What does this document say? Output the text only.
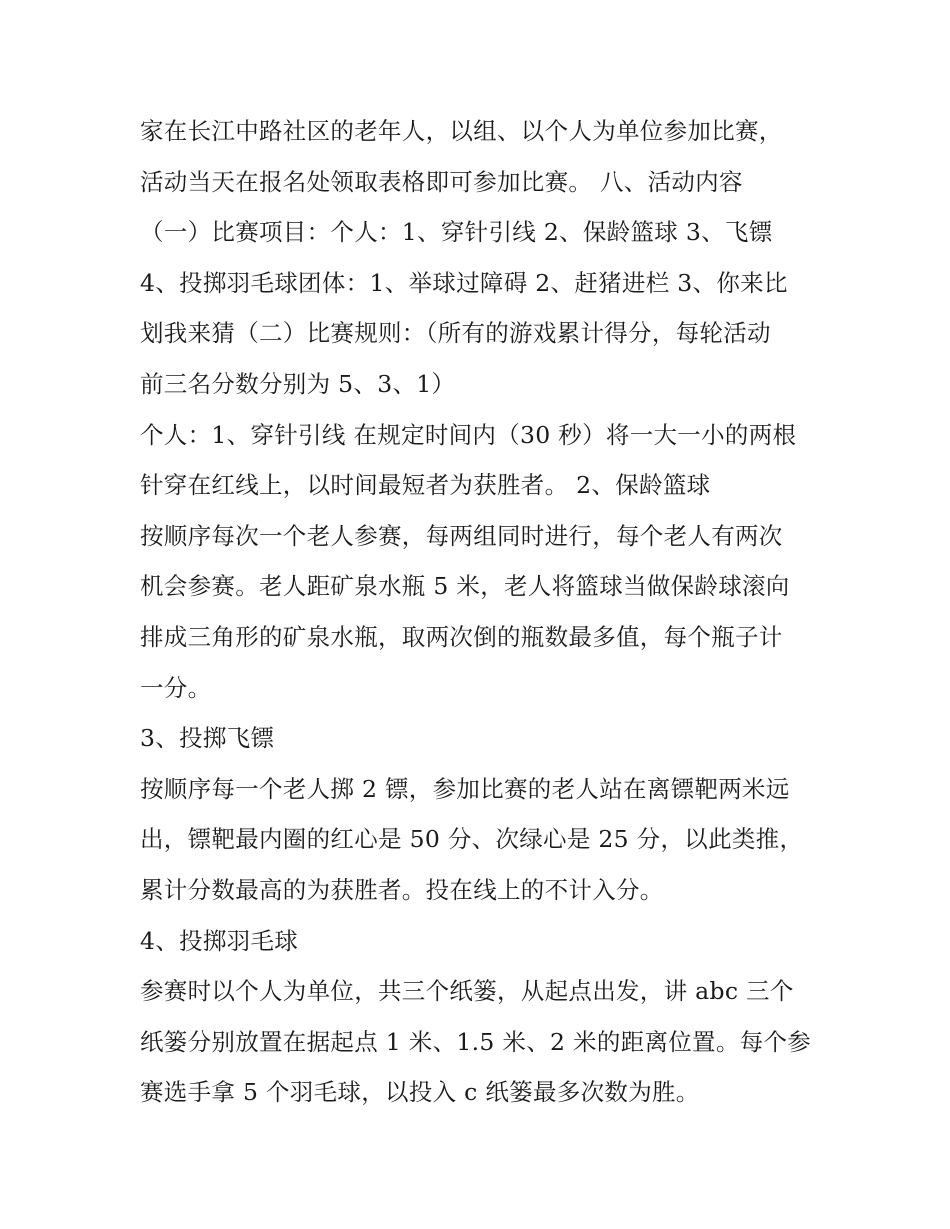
家在长江中路社区的老年人，以组、以个人为单位参加比赛，
活动当天在报名处领取表格即可参加比赛。 八、活动内容
（一）比赛项目：个人：1、穿针引线 2、保龄篮球 3、飞镖
4、投掷羽毛球团体：1、举球过障碍 2、赶猪进栏 3、你来比
划我来猜（二）比赛规则：（所有的游戏累计得分，每轮活动
前三名分数分别为 5、3、1）
个人：1、穿针引线 在规定时间内（30 秒）将一大一小的两根
针穿在红线上，以时间最短者为获胜者。 2、保龄篮球
按顺序每次一个老人参赛，每两组同时进行，每个老人有两次
机会参赛。老人距矿泉水瓶 5 米，老人将篮球当做保龄球滚向
排成三角形的矿泉水瓶，取两次倒的瓶数最多值，每个瓶子计
一分。
3、投掷飞镖
按顺序每一个老人掷 2 镖，参加比赛的老人站在离镖靶两米远
出，镖靶最内圈的红心是 50 分、次绿心是 25 分，以此类推，
累计分数最高的为获胜者。投在线上的不计入分。
4、投掷羽毛球
参赛时以个人为单位，共三个纸篓，从起点出发，讲 abc 三个
纸篓分别放置在据起点 1 米、1.5 米、2 米的距离位置。每个参
赛选手拿 5 个羽毛球，以投入 c 纸篓最多次数为胜。
